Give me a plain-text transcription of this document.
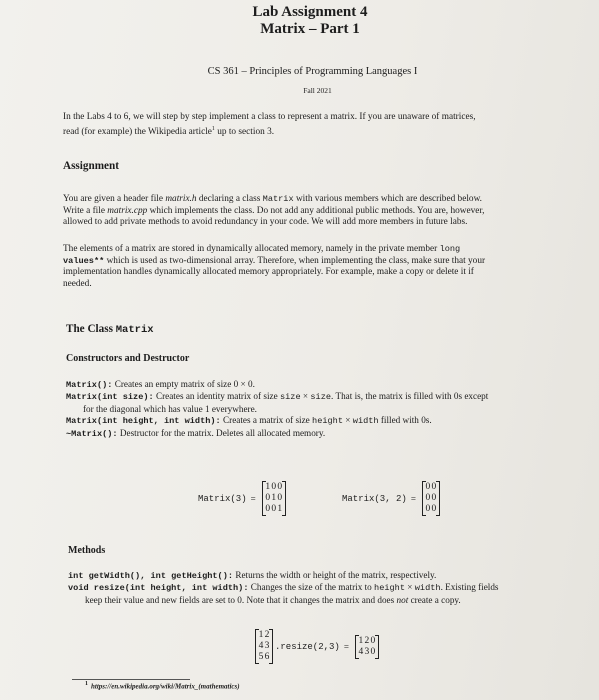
Lab Assignment 4
Matrix – Part 1
CS 361 – Principles of Programming Languages I
Fall 2021
In the Labs 4 to 6, we will step by step implement a class to represent a matrix. If you are unaware of matrices,
read (for example) the Wikipedia article$^1$ up to section 3.
Assignment
You are given a header file matrix.h declaring a class Matrix with various members which are described below.
Write a file matrix.cpp which implements the class. Do not add any additional public methods. You are, however,
allowed to add private methods to avoid redundancy in your code. We will add more members in future labs.
The elements of a matrix are stored in dynamically allocated memory, namely in the private member long
values** which is used as two-dimensional array. Therefore, when implementing the class, make sure that your
implementation handles dynamically allocated memory appropriately. For example, make a copy or delete it if
needed.
The Class Matrix
Constructors and Destructor
Matrix(): Creates an empty matrix of size 0 × 0.
Matrix(int size): Creates an identity matrix of size size × size. That is, the matrix is filled with 0s except
for the diagonal which has value 1 everywhere.
Matrix(int height, int width): Creates a matrix of size height × width filled with 0s.
~Matrix(): Destructor for the matrix. Deletes all allocated memory.
Matrix(3) =
1 0 0
0 1 0
0 0 1
Matrix(3, 2) =
0 0
0 0
0 0
Methods
int getWidth(), int getHeight(): Returns the width or height of the matrix, respectively.
void resize(int height, int width): Changes the size of the matrix to height × width. Existing fields
keep their value and new fields are set to 0. Note that it changes the matrix and does not create a copy.
1 2
4 3
5 6
.resize(2,3) =
1 2 0
4 3 0
$^1$ https://en.wikipedia.org/wiki/Matrix_(mathematics)
